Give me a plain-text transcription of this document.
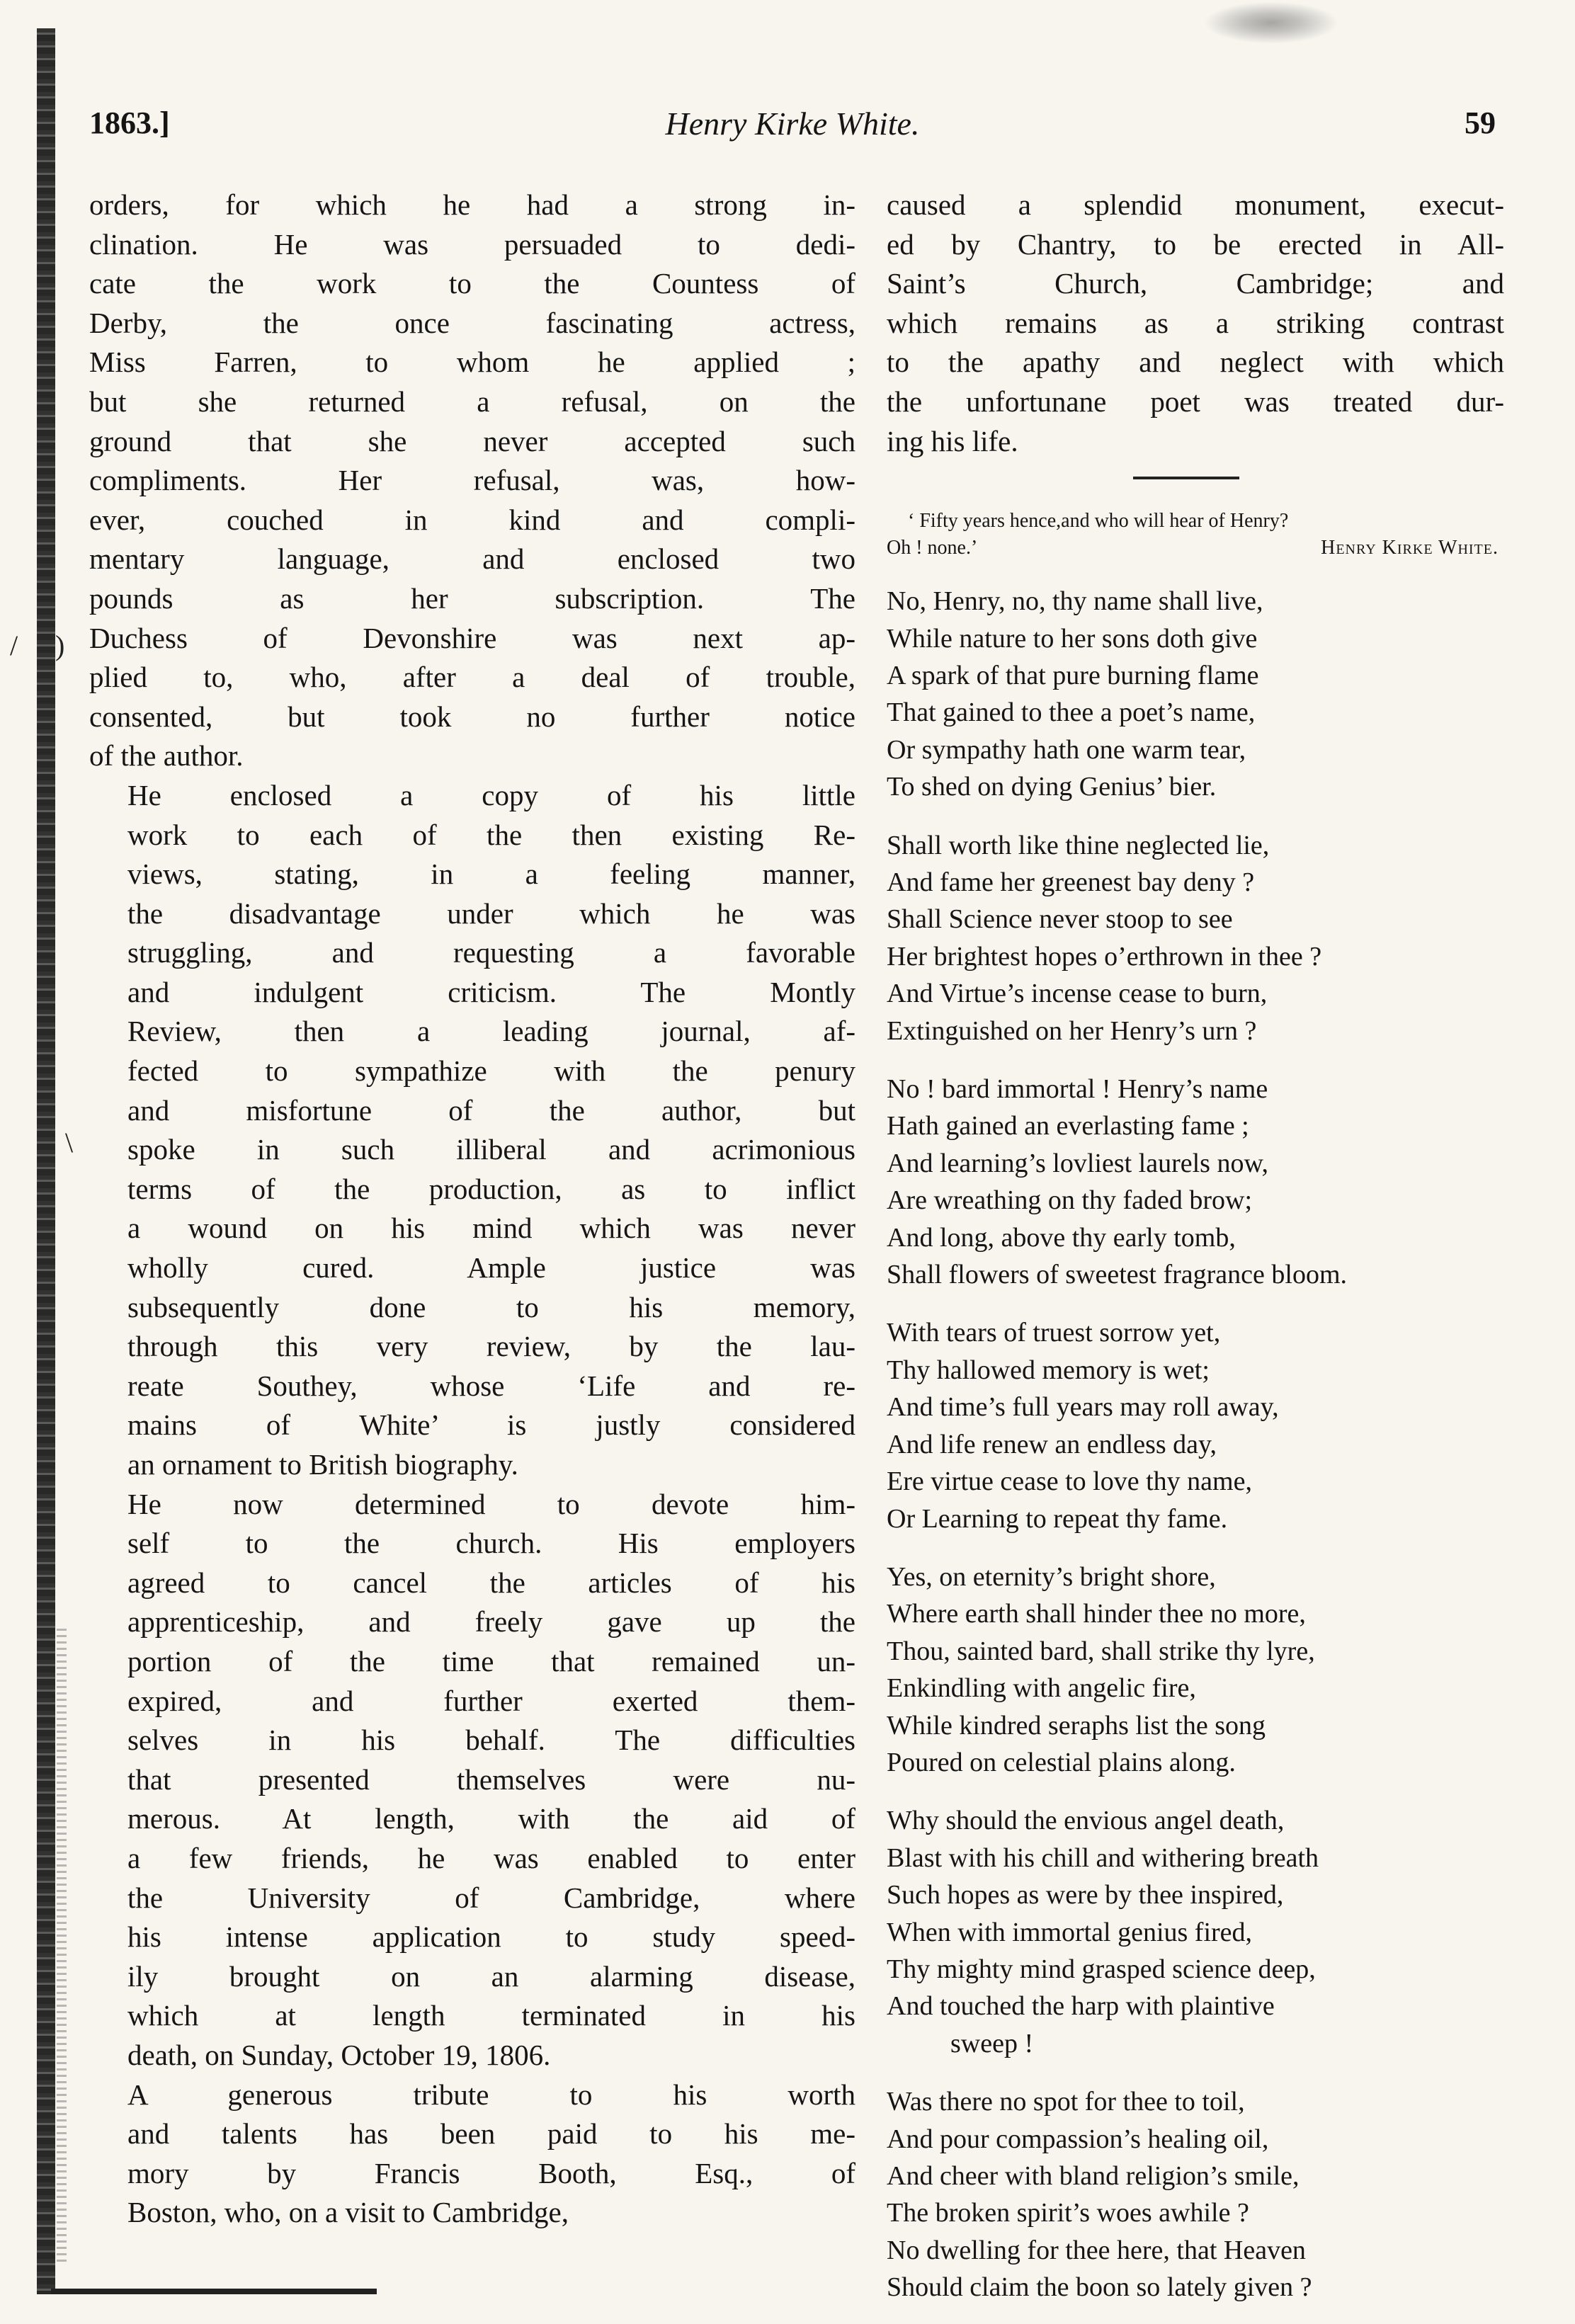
/ )
\
1863.]	Henry Kirke White.	59

orders, for which he had a strong in-
clination. He was persuaded to dedi-
cate the work to the Countess of
Derby, the once fascinating actress,
Miss Farren, to whom he applied ;
but she returned a refusal, on the
ground that she never accepted such
compliments. Her refusal, was, how-
ever, couched in kind and compli-
mentary language, and enclosed two
pounds as her subscription. The
Duchess of Devonshire was next ap-
plied to, who, after a deal of trouble,
consented, but took no further notice
of the author.

He enclosed a copy of his little
work to each of the then existing Re-
views, stating, in a feeling manner,
the disadvantage under which he was
struggling, and requesting a favorable
and indulgent criticism. The Montly
Review, then a leading journal, af-
fected to sympathize with the penury
and misfortune of the author, but
spoke in such illiberal and acrimonious
terms of the production, as to inflict
a wound on his mind which was never
wholly cured. Ample justice was
subsequently done to his memory,
through this very review, by the lau-
reate Southey, whose ‘Life and re-
mains of White’ is justly considered
an ornament to British biography.

He now determined to devote him-
self to the church. His employers
agreed to cancel the articles of his
apprenticeship, and freely gave up the
portion of the time that remained un-
expired, and further exerted them-
selves in his behalf. The difficulties
that presented themselves were nu-
merous. At length, with the aid of
a few friends, he was enabled to enter
the University of Cambridge, where
his intense application to study speed-
ily brought on an alarming disease,
which at length terminated in his
death, on Sunday, October 19, 1806.

A generous tribute to his worth
and talents has been paid to his me-
mory by Francis Booth, Esq., of
Boston, who, on a visit to Cambridge,

caused a splendid monument, execut-
ed by Chantry, to be erected in All-
Saint’s Church, Cambridge; and
which remains as a striking contrast
to the apathy and neglect with which
the unfortunane poet was treated dur-
ing his life.
‘ Fifty years hence,and who will hear of Henry?
Oh ! none.’	Henry Kirke White.
No, Henry, no, thy name shall live,
While nature to her sons doth give
A spark of that pure burning flame
That gained to thee a poet’s name,
Or sympathy hath one warm tear,
To shed on dying Genius’ bier.
Shall worth like thine neglected lie,
And fame her greenest bay deny ?
Shall Science never stoop to see
Her brightest hopes o’erthrown in thee ?
And Virtue’s incense cease to burn,
Extinguished on her Henry’s urn ?
No ! bard immortal ! Henry’s name
Hath gained an everlasting fame ;
And learning’s lovliest laurels now,
Are wreathing on thy faded brow;
And long, above thy early tomb,
Shall flowers of sweetest fragrance bloom.
With tears of truest sorrow yet,
Thy hallowed memory is wet;
And time’s full years may roll away,
And life renew an endless day,
Ere virtue cease to love thy name,
Or Learning to repeat thy fame.
Yes, on eternity’s bright shore,
Where earth shall hinder thee no more,
Thou, sainted bard, shall strike thy lyre,
Enkindling with angelic fire,
While kindred seraphs list the song
Poured on celestial plains along.
Why should the envious angel death,
Blast with his chill and withering breath
Such hopes as were by thee inspired,
When with immortal genius fired,
Thy mighty mind grasped science deep,
And touched the harp with plaintive
sweep !
Was there no spot for thee to toil,
And pour compassion’s healing oil,
And cheer with bland religion’s smile,
The broken spirit’s woes awhile ?
No dwelling for thee here, that Heaven
Should claim the boon so lately given ?
